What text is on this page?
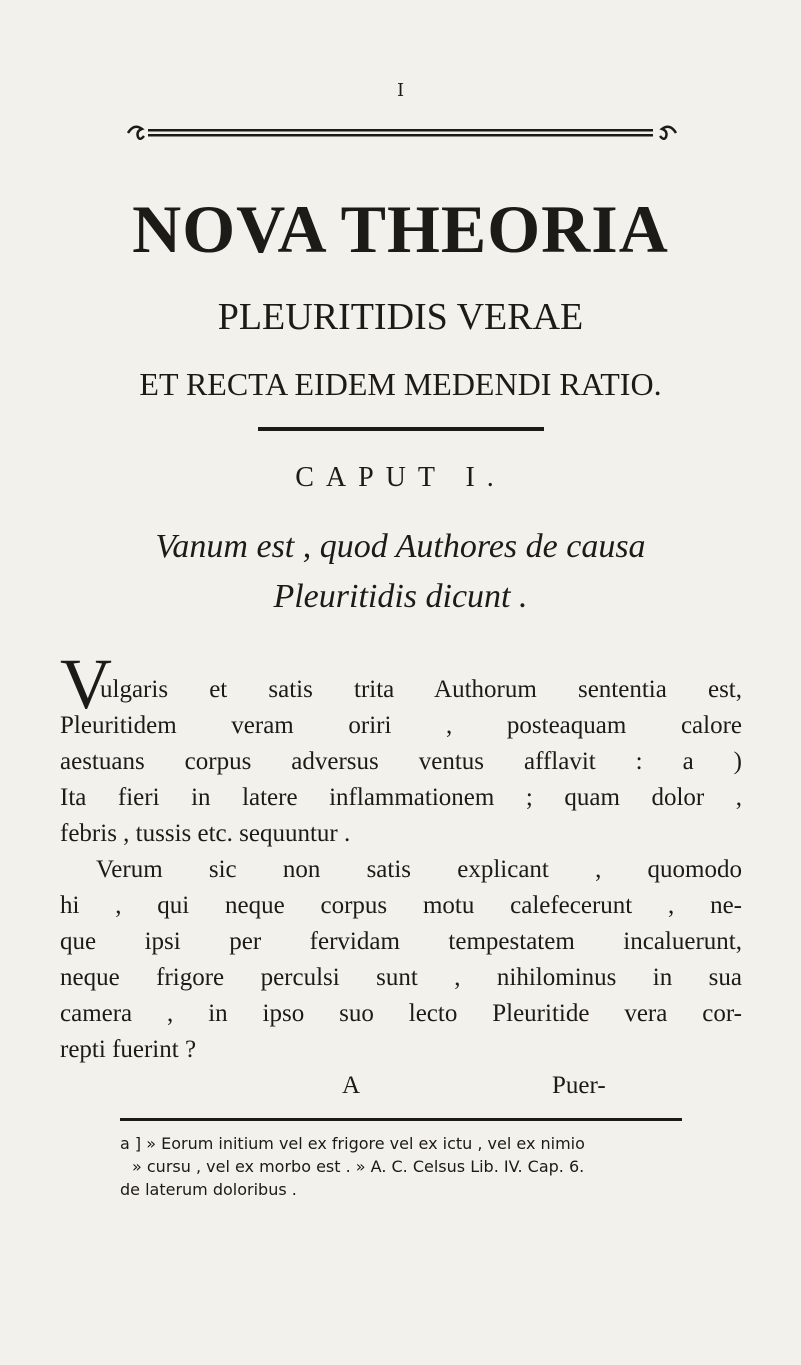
I
NOVA THEORIA
PLEURITIDIS VERAE
ET RECTA EIDEM MEDENDI RATIO.
CAPUT I.
Vanum est , quod Authores de causa
Pleuritidis dicunt .
V
ulgaris et satis trita Authorum sententia est,
Pleuritidem veram oriri , posteaquam calore
aestuans corpus adversus ventus afflavit : a )
Ita fieri in latere inflammationem ; quam dolor ,
febris , tussis etc. sequuntur .
Verum sic non satis explicant , quomodo
hi , qui neque corpus motu calefecerunt , ne-
que ipsi per fervidam tempestatem incaluerunt,
neque frigore perculsi sunt , nihilominus in sua
camera , in ipso suo lecto Pleuritide vera cor-
repti fuerint ?
A	Puer-
a ] » Eorum initium vel ex frigore vel ex ictu , vel ex nimio
» cursu , vel ex morbo est . » A. C. Celsus Lib. IV. Cap. 6.
de laterum doloribus .
